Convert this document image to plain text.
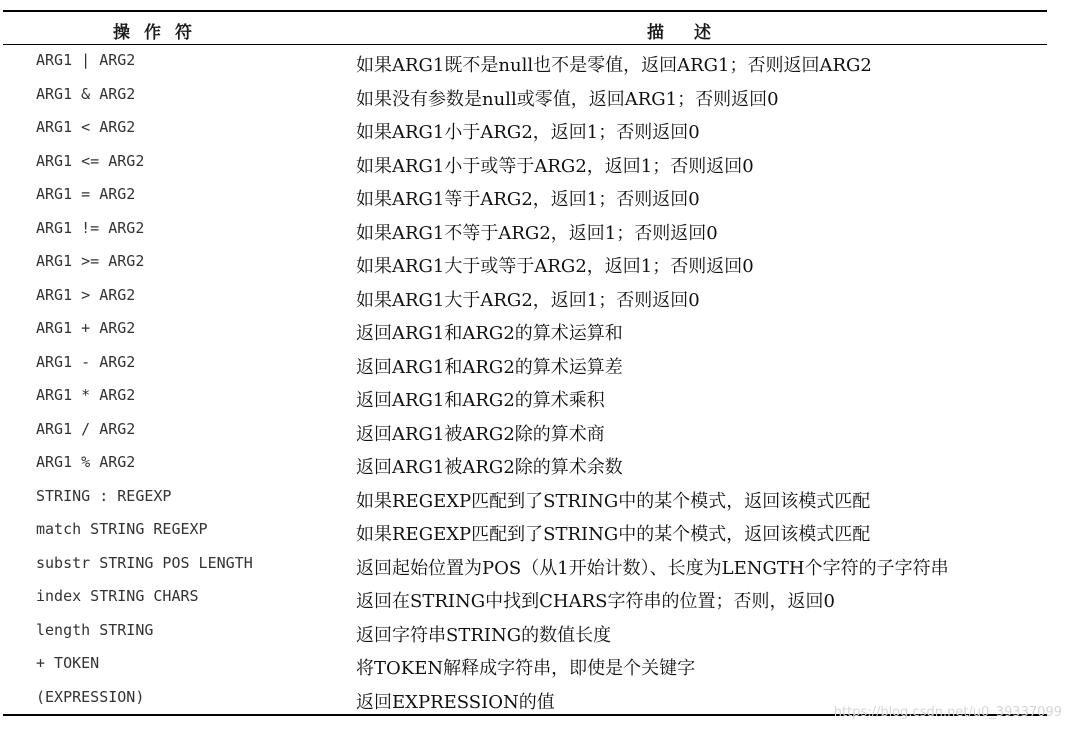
操作符	描述
ARG1 | ARG2	如果ARG1既不是null也不是零值，返回ARG1；否则返回ARG2
ARG1 & ARG2	如果没有参数是null或零值，返回ARG1；否则返回0
ARG1 < ARG2	如果ARG1小于ARG2，返回1；否则返回0
ARG1 <= ARG2	如果ARG1小于或等于ARG2，返回1；否则返回0
ARG1 = ARG2	如果ARG1等于ARG2，返回1；否则返回0
ARG1 != ARG2	如果ARG1不等于ARG2，返回1；否则返回0
ARG1 >= ARG2	如果ARG1大于或等于ARG2，返回1；否则返回0
ARG1 > ARG2	如果ARG1大于ARG2，返回1；否则返回0
ARG1 + ARG2	返回ARG1和ARG2的算术运算和
ARG1 - ARG2	返回ARG1和ARG2的算术运算差
ARG1 * ARG2	返回ARG1和ARG2的算术乘积
ARG1 / ARG2	返回ARG1被ARG2除的算术商
ARG1 % ARG2	返回ARG1被ARG2除的算术余数
STRING : REGEXP	如果REGEXP匹配到了STRING中的某个模式，返回该模式匹配
match STRING REGEXP	如果REGEXP匹配到了STRING中的某个模式，返回该模式匹配
substr STRING POS LENGTH	返回起始位置为POS（从1开始计数）、长度为LENGTH个字符的子字符串
index STRING CHARS	返回在STRING中找到CHARS字符串的位置；否则，返回0
length STRING	返回字符串STRING的数值长度
+ TOKEN	将TOKEN解释成字符串，即使是个关键字
(EXPRESSION)	返回EXPRESSION的值	https://blog.csdn.net/u0_39337099
